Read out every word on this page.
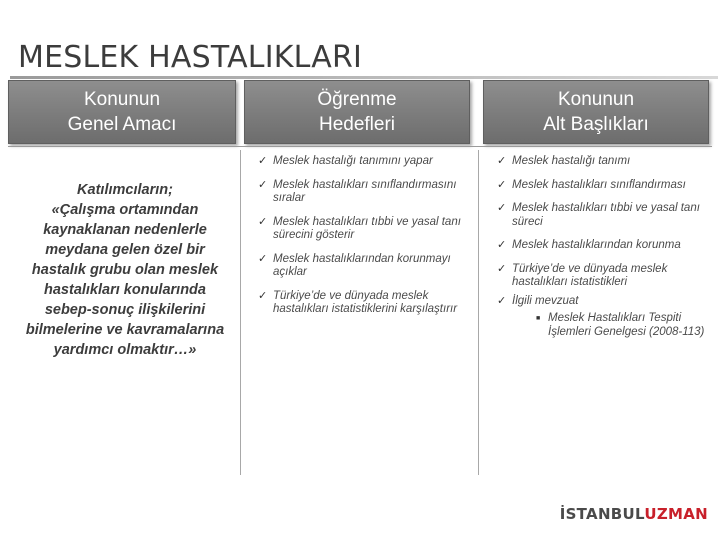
MESLEK HASTALIKLARI
Konunun
Genel Amacı
Öğrenme
Hedefleri
Konunun
Alt Başlıkları
Katılımcıların;
«Çalışma ortamından kaynaklanan nedenlerle meydana gelen özel bir hastalık grubu olan meslek hastalıkları konularında sebep-sonuç ilişkilerini bilmelerine ve kavramalarına yardımcı olmaktır…»
✓ Meslek hastalığı tanımını yapar
✓ Meslek hastalıkları sınıflandırmasını sıralar
✓ Meslek hastalıkları tıbbi ve yasal tanı sürecini gösterir
✓ Meslek hastalıklarından korunmayı açıklar
✓ Türkiye’de ve dünyada meslek hastalıkları istatistiklerini karşılaştırır
✓ Meslek hastalığı tanımı
✓ Meslek hastalıkları sınıflandırması
✓ Meslek hastalıkları tıbbi ve yasal tanı süreci
✓ Meslek hastalıklarından korunma
✓ Türkiye’de ve dünyada meslek hastalıkları istatistikleri
✓ İlgili mevzuat
■ Meslek Hastalıkları Tespiti İşlemleri Genelgesi (2008-113)
İSTANBULUZMAN
